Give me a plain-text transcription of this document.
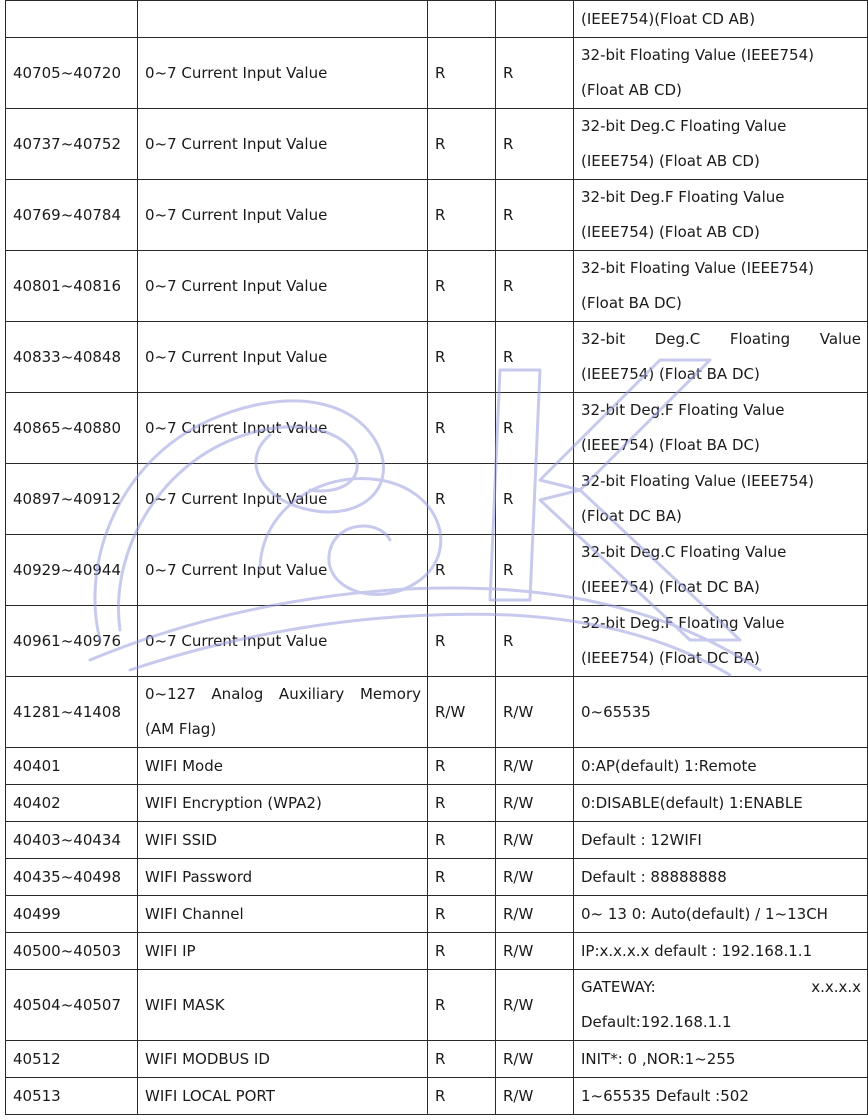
				(IEEE754)(Float CD AB)
40705~40720	0~7 Current Input Value	R	R	32-bit Floating Value (IEEE754) (Float AB CD)
40737~40752	0~7 Current Input Value	R	R	32-bit Deg.C Floating Value (IEEE754) (Float AB CD)
40769~40784	0~7 Current Input Value	R	R	32-bit Deg.F Floating Value (IEEE754) (Float AB CD)
40801~40816	0~7 Current Input Value	R	R	32-bit Floating Value (IEEE754) (Float BA DC)
40833~40848	0~7 Current Input Value	R	R	32-bit Deg.C Floating Value (IEEE754) (Float BA DC)
40865~40880	0~7 Current Input Value	R	R	32-bit Deg.F Floating Value (IEEE754) (Float BA DC)
40897~40912	0~7 Current Input Value	R	R	32-bit Floating Value (IEEE754) (Float DC BA)
40929~40944	0~7 Current Input Value	R	R	32-bit Deg.C Floating Value (IEEE754) (Float DC BA)
40961~40976	0~7 Current Input Value	R	R	32-bit Deg.F Floating Value (IEEE754) (Float DC BA)
41281~41408	0~127 Analog Auxiliary Memory (AM Flag)	R/W	R/W	0~65535
40401	WIFI Mode	R	R/W	0:AP(default) 1:Remote
40402	WIFI Encryption (WPA2)	R	R/W	0:DISABLE(default) 1:ENABLE
40403~40434	WIFI SSID	R	R/W	Default : 12WIFI
40435~40498	WIFI Password	R	R/W	Default : 88888888
40499	WIFI Channel	R	R/W	0~ 13 0: Auto(default) / 1~13CH
40500~40503	WIFI IP	R	R/W	IP:x.x.x.x default : 192.168.1.1
40504~40507	WIFI MASK	R	R/W	GATEWAY: x.x.x.x
Default:192.168.1.1

40512	WIFI MODBUS ID	R	R/W	INIT*: 0 ,NOR:1~255
40513	WIFI LOCAL PORT	R	R/W	1~65535 Default :502
